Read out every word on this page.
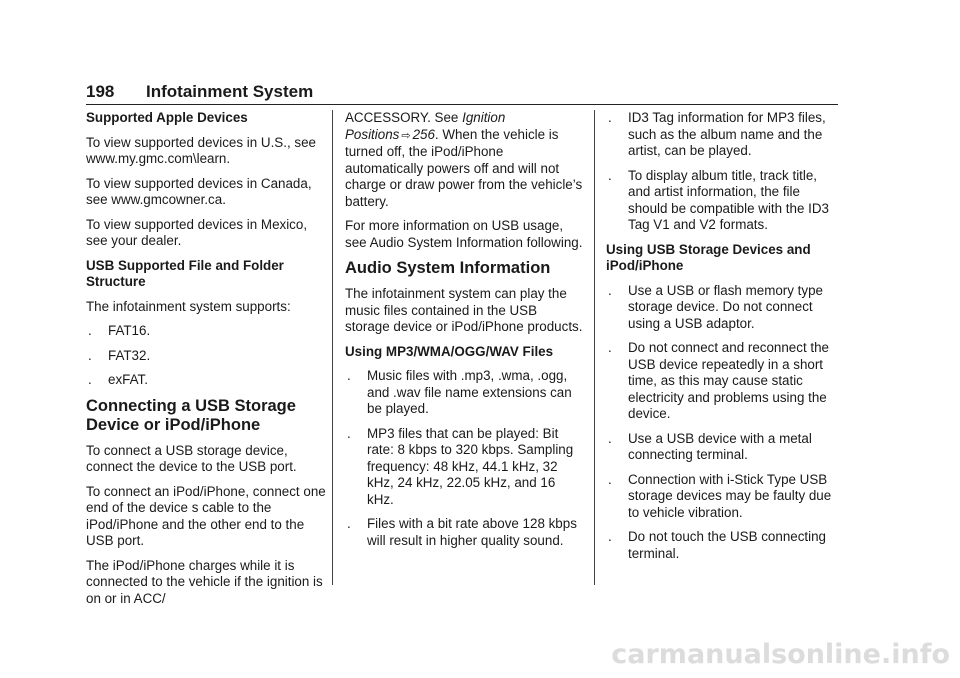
198 Infotainment System
Supported Apple Devices

To view supported devices in U.S., see www.my.gmc.com\learn.

To view supported devices in Canada, see www.gmcowner.ca.

To view supported devices in Mexico, see your dealer.

USB Supported File and Folder Structure

The infotainment system supports:

. FAT16.
. FAT32.
. exFAT.
Connecting a USB Storage Device or iPod/iPhone

To connect a USB storage device, connect the device to the USB port.

To connect an iPod/iPhone, connect one end of the device s cable to the iPod/iPhone and the other end to the USB port.

The iPod/iPhone charges while it is connected to the vehicle if the ignition is on or in ACC/

ACCESSORY. See Ignition Positions ⇨ 256. When the vehicle is turned off, the iPod/iPhone automatically powers off and will not charge or draw power from the vehicle’s battery.

For more information on USB usage, see Audio System Information following.

Audio System Information

The infotainment system can play the music files contained in the USB storage device or iPod/iPhone products.

Using MP3/WMA/OGG/WAV Files
. Music files with .mp3, .wma, .ogg, and .wav file name extensions can be played.
. MP3 files that can be played: Bit rate: 8 kbps to 320 kbps. Sampling frequency: 48 kHz, 44.1 kHz, 32 kHz, 24 kHz, 22.05 kHz, and 16 kHz.
. Files with a bit rate above 128 kbps will result in higher quality sound.
. ID3 Tag information for MP3 files, such as the album name and the artist, can be played.
. To display album title, track title, and artist information, the file should be compatible with the ID3 Tag V1 and V2 formats.
Using USB Storage Devices and iPod/iPhone
. Use a USB or flash memory type storage device. Do not connect using a USB adaptor.
. Do not connect and reconnect the USB device repeatedly in a short time, as this may cause static electricity and problems using the device.
. Use a USB device with a metal connecting terminal.
. Connection with i-Stick Type USB storage devices may be faulty due to vehicle vibration.
. Do not touch the USB connecting terminal.
carmanualsonline.info
